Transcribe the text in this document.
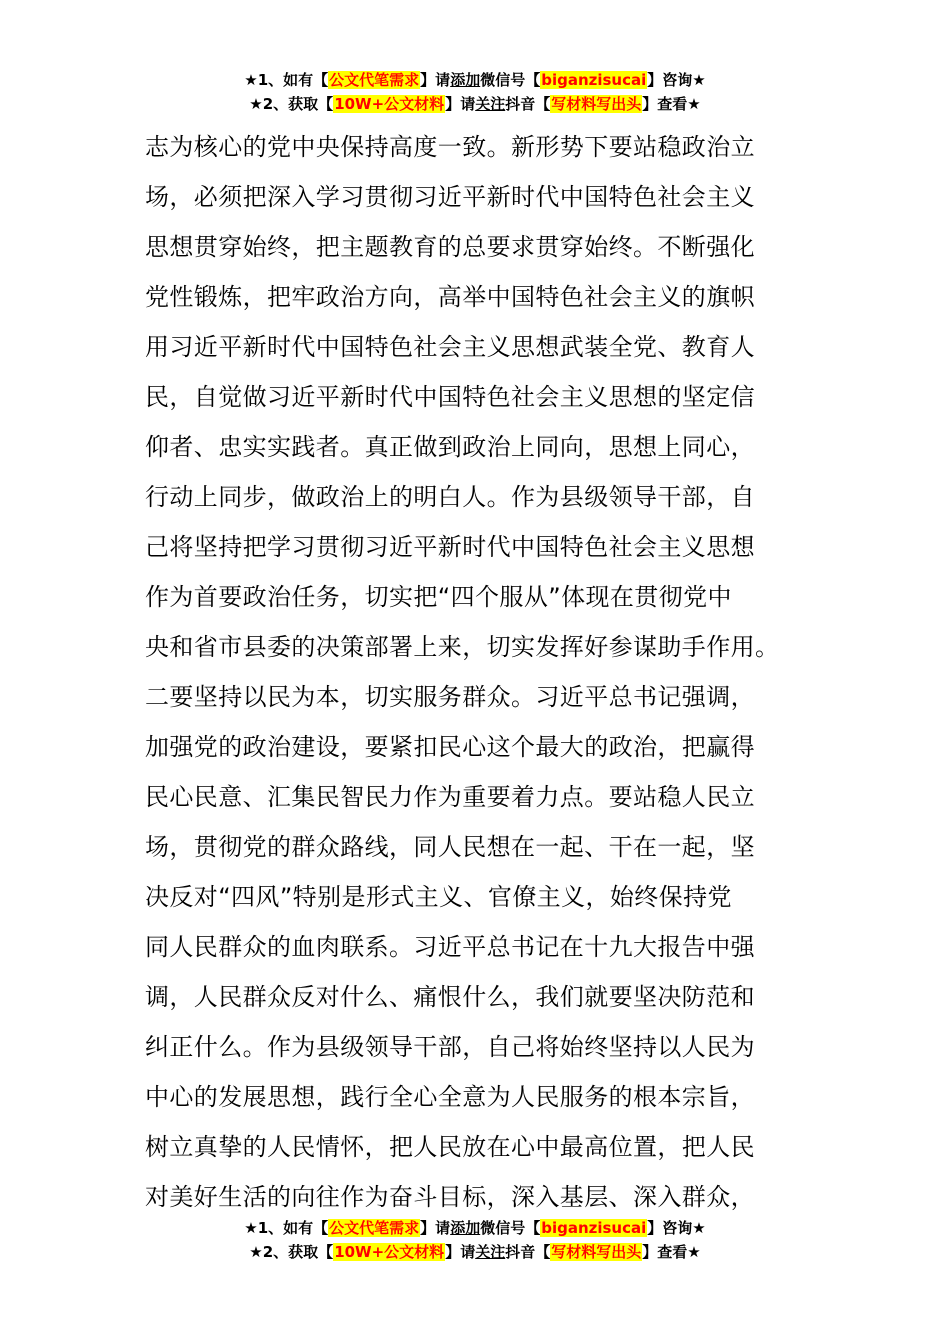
★1、如有【公文代笔需求】请添加微信号【biganzisucai】咨询★
★2、获取【10W+公文材料】请关注抖音【写材料写出头】查看★
志为核心的党中央保持高度一致。新形势下要站稳政治立
场，必须把深入学习贯彻习近平新时代中国特色社会主义
思想贯穿始终，把主题教育的总要求贯穿始终。不断强化
党性锻炼，把牢政治方向，高举中国特色社会主义的旗帜
用习近平新时代中国特色社会主义思想武装全党、教育人
民，自觉做习近平新时代中国特色社会主义思想的坚定信
仰者、忠实实践者。真正做到政治上同向，思想上同心，
行动上同步，做政治上的明白人。作为县级领导干部，自
己将坚持把学习贯彻习近平新时代中国特色社会主义思想
作为首要政治任务，切实把“四个服从”体现在贯彻党中
央和省市县委的决策部署上来，切实发挥好参谋助手作用。
二要坚持以民为本，切实服务群众。习近平总书记强调，
加强党的政治建设，要紧扣民心这个最大的政治，把赢得
民心民意、汇集民智民力作为重要着力点。要站稳人民立
场，贯彻党的群众路线，同人民想在一起、干在一起，坚
决反对“四风”特别是形式主义、官僚主义，始终保持党
同人民群众的血肉联系。习近平总书记在十九大报告中强
调，人民群众反对什么、痛恨什么，我们就要坚决防范和
纠正什么。作为县级领导干部，自己将始终坚持以人民为
中心的发展思想，践行全心全意为人民服务的根本宗旨，
树立真挚的人民情怀，把人民放在心中最高位置，把人民
对美好生活的向往作为奋斗目标，深入基层、深入群众，
★1、如有【公文代笔需求】请添加微信号【biganzisucai】咨询★
★2、获取【10W+公文材料】请关注抖音【写材料写出头】查看★
